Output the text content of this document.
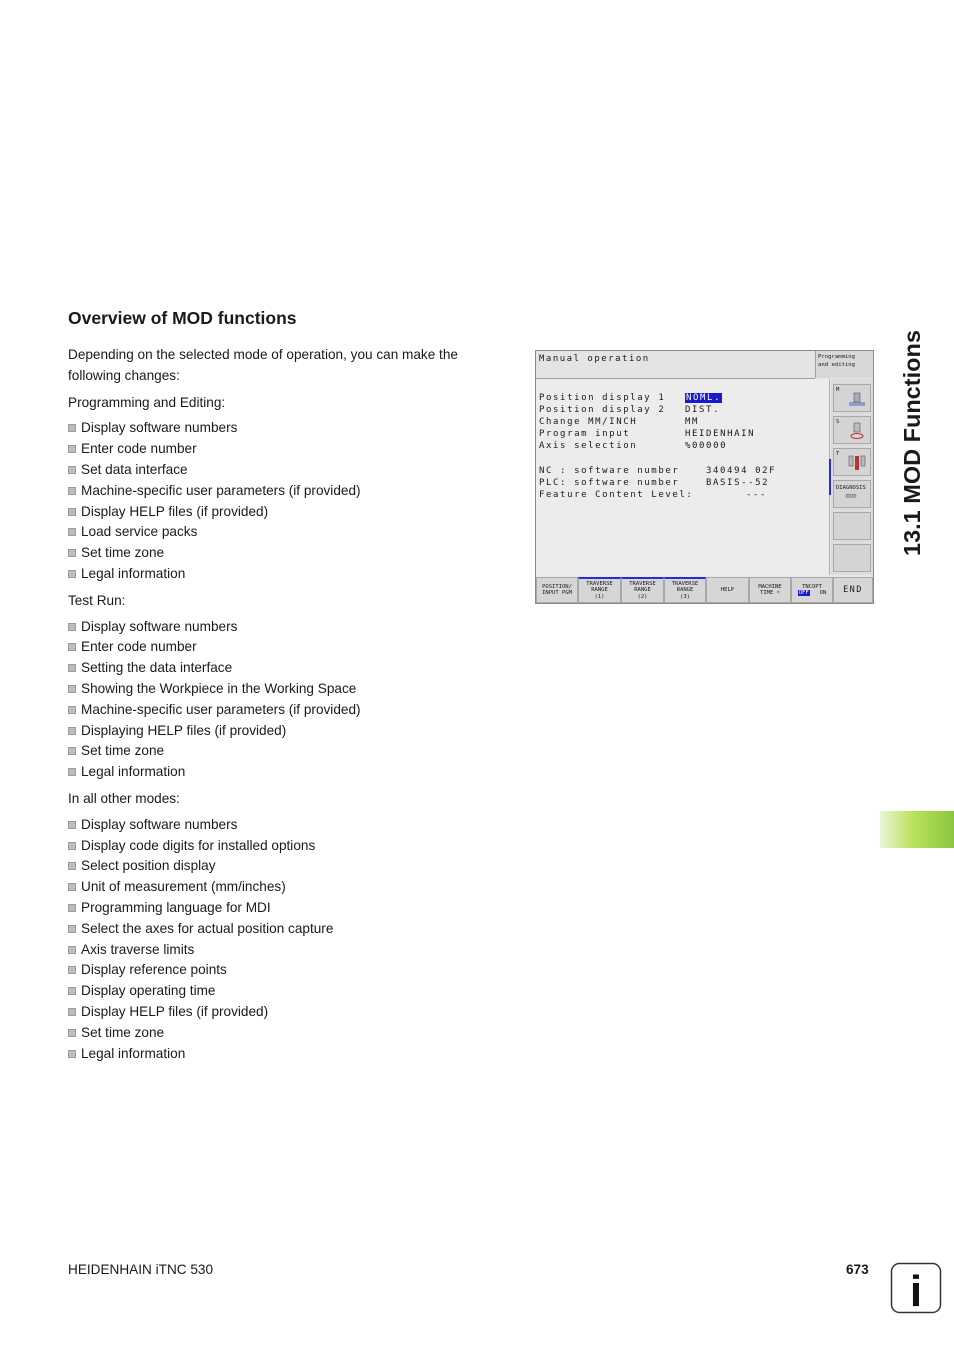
Overview of MOD functions

Depending on the selected mode of operation, you can make the following changes:

Programming and Editing:

Display software numbers
Enter code number
Set data interface
Machine-specific user parameters (if provided)
Display HELP files (if provided)
Load service packs
Set time zone
Legal information

Test Run:

Display software numbers
Enter code number
Setting the data interface
Showing the Workpiece in the Working Space
Machine-specific user parameters (if provided)
Displaying HELP files (if provided)
Set time zone
Legal information

In all other modes:

Display software numbers
Display code digits for installed options
Select position display
Unit of measurement (mm/inches)
Programming language for MDI
Select the axes for actual position capture
Axis traverse limits
Display reference points
Display operating time
Display HELP files (if provided)
Set time zone
Legal information
Manual operation	Programming
and editing
Position display 1 NOML.
Position display 2 DIST.
Change MM/INCH	MM
Program input	HEIDENHAIN
Axis selection	%00000
NC : software number	340494 02F
PLC: software number	BASIS--52
Feature Content Level:	---
M
S
T
DIAGNOSIS
POSITION/
INPUT PGM
TRAVERSE
RANGE
(1)
TRAVERSE
RANGE
(2)
TRAVERSE
RANGE
(3)
HELP
MACHINE
TIME ☼
TNCOPT
OFF ON	END
13.1 MOD Functions
HEIDENHAIN iTNC 530	673 i
